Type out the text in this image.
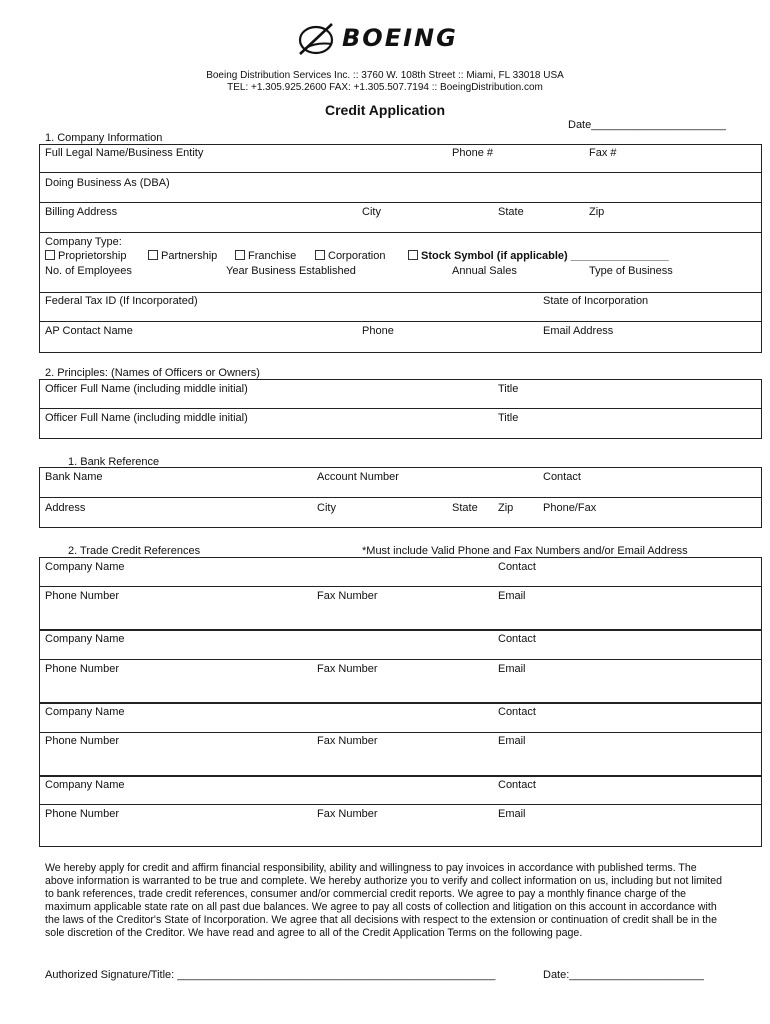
BOEING
Boeing Distribution Services Inc. :: 3760 W. 108th Street :: Miami, FL 33018 USA
TEL: +1.305.925.2600 FAX: +1.305.507.7194 :: BoeingDistribution.com
Credit Application
Date______________________
1. Company Information
Full Legal Name/Business Entity	Phone #	Fax #
Doing Business As (DBA)
Billing Address	City	State	Zip
Company Type:
Proprietorship	Partnership	Franchise	Corporation	Stock Symbol (if applicable) ________________
No. of Employees	Year Business Established	Annual Sales	Type of Business
Federal Tax ID (If Incorporated)	State of Incorporation
AP Contact Name	Phone	Email Address
2. Principles: (Names of Officers or Owners)
Officer Full Name (including middle initial)	Title
Officer Full Name (including middle initial)	Title
1. Bank Reference
Bank Name	Account Number	Contact
Address	City	State Zip	Phone/Fax
2. Trade Credit References	*Must include Valid Phone and Fax Numbers and/or Email Address
Company Name	Contact
Phone Number	Fax Number	Email
Company Name	Contact
Phone Number	Fax Number	Email
Company Name	Contact
Phone Number	Fax Number	Email
Company Name	Contact
Phone Number	Fax Number	Email
We hereby apply for credit and affirm financial responsibility, ability and willingness to pay invoices in accordance with published terms. The above information is warranted to be true and complete. We hereby authorize you to verify and collect information on us, including but not limited to bank references, trade credit references, consumer and/or commercial credit reports. We agree to pay a monthly finance charge of the maximum applicable state rate on all past due balances. We agree to pay all costs of collection and litigation on this account in accordance with the laws of the Creditor's State of Incorporation. We agree that all decisions with respect to the extension or continuation of credit shall be in the sole discretion of the Creditor. We have read and agree to all of the Credit Application Terms on the following page.
Authorized Signature/Title: ____________________________________________________	Date:______________________
